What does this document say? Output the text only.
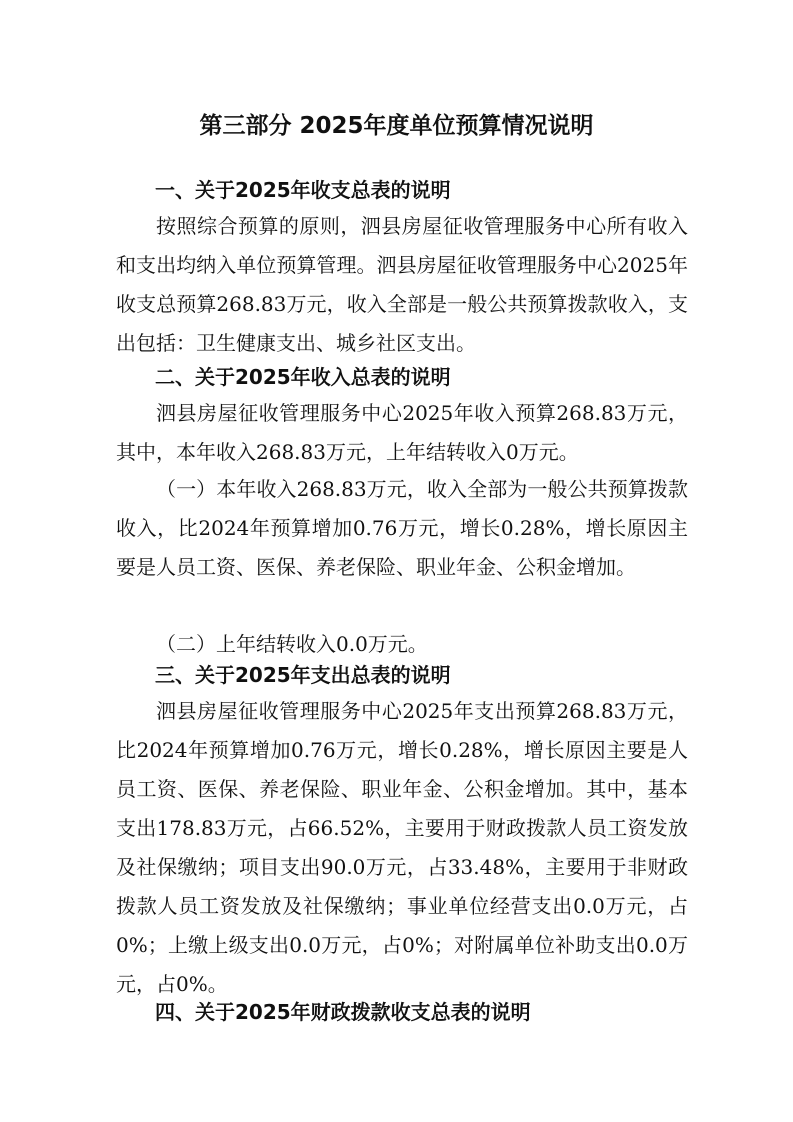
第三部分 2025年度单位预算情况说明
一、关于2025年收支总表的说明
按照综合预算的原则，泗县房屋征收管理服务中心所有收入和支出均纳入单位预算管理。泗县房屋征收管理服务中心2025年收支总预算268.83万元，收入全部是一般公共预算拨款收入，支出包括：卫生健康支出、城乡社区支出。
二、关于2025年收入总表的说明
泗县房屋征收管理服务中心2025年收入预算268.83万元，其中，本年收入268.83万元，上年结转收入0万元。
（一）本年收入268.83万元，收入全部为一般公共预算拨款收入，比2024年预算增加0.76万元，增长0.28%，增长原因主要是人员工资、医保、养老保险、职业年金、公积金增加。
（二）上年结转收入0.0万元。
三、关于2025年支出总表的说明
泗县房屋征收管理服务中心2025年支出预算268.83万元，比2024年预算增加0.76万元，增长0.28%，增长原因主要是人员工资、医保、养老保险、职业年金、公积金增加。其中，基本支出178.83万元，占66.52%，主要用于财政拨款人员工资发放及社保缴纳；项目支出90.0万元，占33.48%，主要用于非财政拨款人员工资发放及社保缴纳；事业单位经营支出0.0万元，占0%；上缴上级支出0.0万元，占0%；对附属单位补助支出0.0万元，占0%。
四、关于2025年财政拨款收支总表的说明
